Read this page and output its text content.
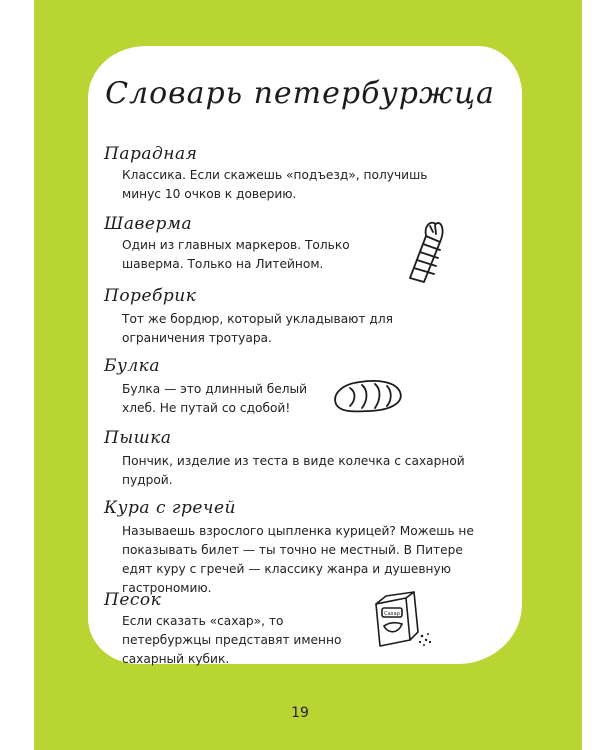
Словарь петербуржца
Парадная
Классика. Если скажешь «подъезд», получишь минус 10 очков к доверию.
Шаверма
Один из главных маркеров. Только шаверма. Только на Литейном.
Поребрик
Тот же бордюр, который укладывают для ограничения тротуара.
Булка
Булка — это длинный белый хлеб. Не путай со сдобой!
Пышка
Пончик, изделие из теста в виде колечка с сахарной пудрой.
Кура с гречей
Называешь взрослого цыпленка курицей? Можешь не показывать билет — ты точно не местный. В Питере едят куру с гречей — классику жанра и душевную гастрономию.
Песок
Если сказать «сахар», то петербуржцы представят именно сахарный кубик.
Сахар
19
